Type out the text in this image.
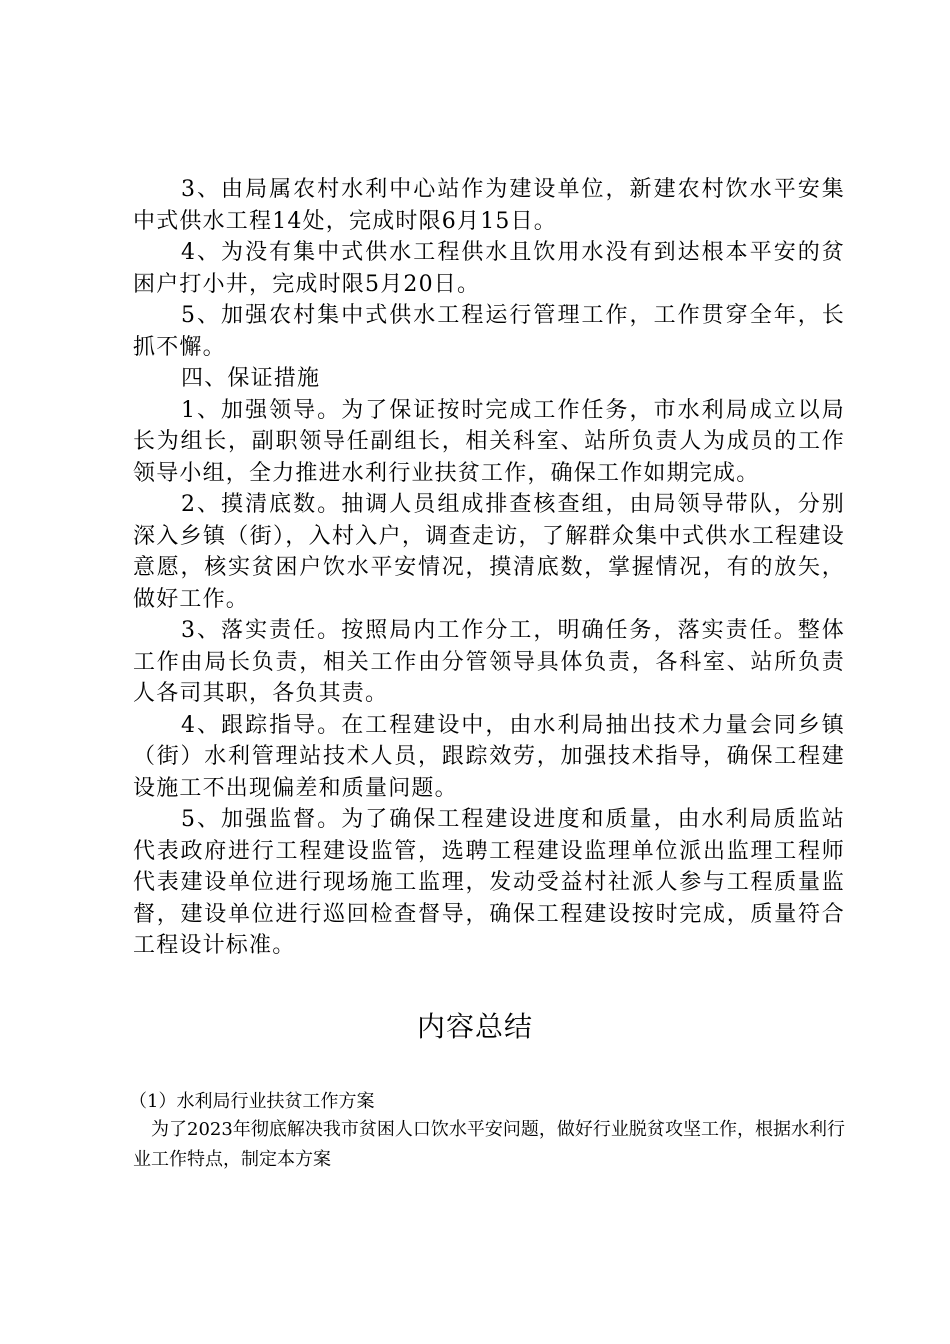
3、由局属农村水利中心站作为建设单位，新建农村饮水平安集中式供水工程14处，完成时限6月15日。

4、为没有集中式供水工程供水且饮用水没有到达根本平安的贫困户打小井，完成时限5月20日。

5、加强农村集中式供水工程运行管理工作，工作贯穿全年，长抓不懈。

四、保证措施

1、加强领导。为了保证按时完成工作任务，市水利局成立以局长为组长，副职领导任副组长，相关科室、站所负责人为成员的工作领导小组，全力推进水利行业扶贫工作，确保工作如期完成。

2、摸清底数。抽调人员组成排查核查组，由局领导带队，分别深入乡镇（街），入村入户，调查走访，了解群众集中式供水工程建设意愿，核实贫困户饮水平安情况，摸清底数，掌握情况，有的放矢，做好工作。

3、落实责任。按照局内工作分工，明确任务，落实责任。整体工作由局长负责，相关工作由分管领导具体负责，各科室、站所负责人各司其职，各负其责。

4、跟踪指导。在工程建设中，由水利局抽出技术力量会同乡镇（街）水利管理站技术人员，跟踪效劳，加强技术指导，确保工程建设施工不出现偏差和质量问题。

5、加强监督。为了确保工程建设进度和质量，由水利局质监站代表政府进行工程建设监管，选聘工程建设监理单位派出监理工程师代表建设单位进行现场施工监理，发动受益村社派人参与工程质量监督，建设单位进行巡回检查督导，确保工程建设按时完成，质量符合工程设计标准。

内容总结

（1）水利局行业扶贫工作方案

为了2023年彻底解决我市贫困人口饮水平安问题，做好行业脱贫攻坚工作，根据水利行业工作特点，制定本方案
